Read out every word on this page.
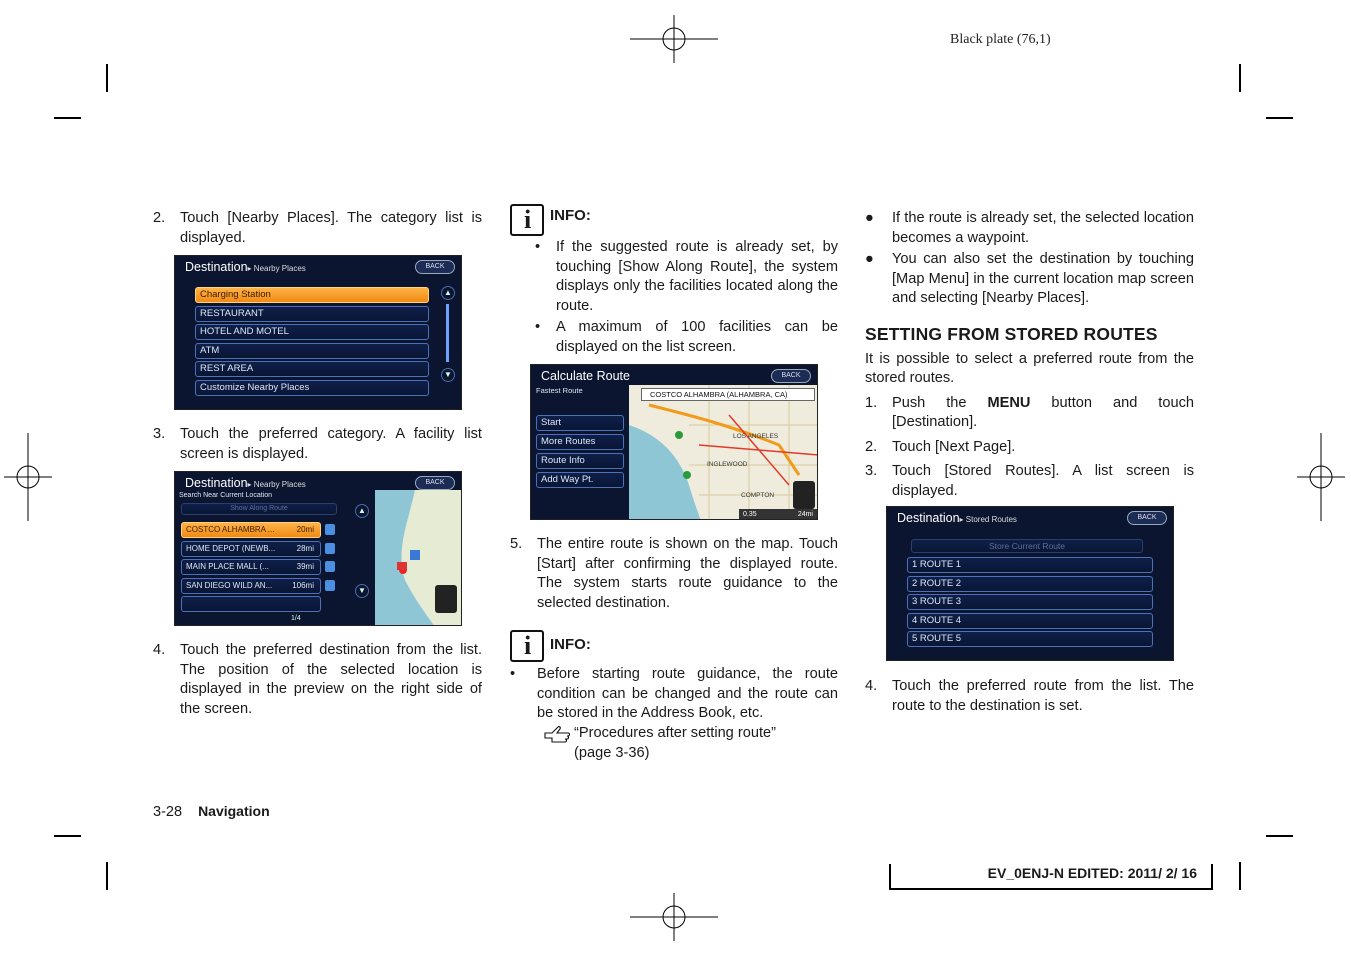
Black plate (76,1)
2.	Touch [Nearby Places]. The category list is displayed.
Destination▸ Nearby Places	BACK
Charging Station
RESTAURANT
HOTEL AND MOTEL
ATM
REST AREA
Customize Nearby Places
▲
▼
3.	Touch the preferred category. A facility list screen is displayed.
Destination▸ Nearby Places	BACK
Search Near Current Location
Show Along Route
COSTCO ALHAMBRA ...	20mi
HOME DEPOT (NEWB...	28mi
MAIN PLACE MALL (...	39mi
SAN DIEGO WILD AN... 106mi
1/4
▲
▼
4.	Touch the preferred destination from the list. The position of the selected location is displayed in the preview on the right side of the screen.
i INFO:
•	If the suggested route is already set, by touching [Show Along Route], the system displays only the facilities located along the route.
•	A maximum of 100 facilities can be displayed on the list screen.
Calculate Route	BACK
Fastest Route
Start
More Routes
Route Info
Add Way Pt.
COSTCO ALHAMBRA (ALHAMBRA, CA)
LOS ANGELES
INGLEWOOD
COMPTON
0.35	24mi
5.	The entire route is shown on the map. Touch [Start] after confirming the displayed route. The system starts route guidance to the selected destination.
i INFO:
•	Before starting route guidance, the route condition can be changed and the route can be stored in the Address Book, etc.
“Procedures after setting route”
(page 3-36)
●	If the route is already set, the selected location becomes a waypoint.
●	You can also set the destination by touching [Map Menu] in the current location map screen and selecting [Nearby Places].
SETTING FROM STORED ROUTES

It is possible to select a preferred route from the stored routes.

1.	Push the MENU button and touch [Destination].
2.	Touch [Next Page].
3.	Touch [Stored Routes]. A list screen is displayed.
Destination▸ Stored Routes	BACK
Store Current Route
1 ROUTE 1
2 ROUTE 2
3 ROUTE 3
4 ROUTE 4
5 ROUTE 5
4.	Touch the preferred route from the list. The route to the destination is set.
3-28 Navigation
EV_0ENJ-N EDITED: 2011/ 2/ 16
